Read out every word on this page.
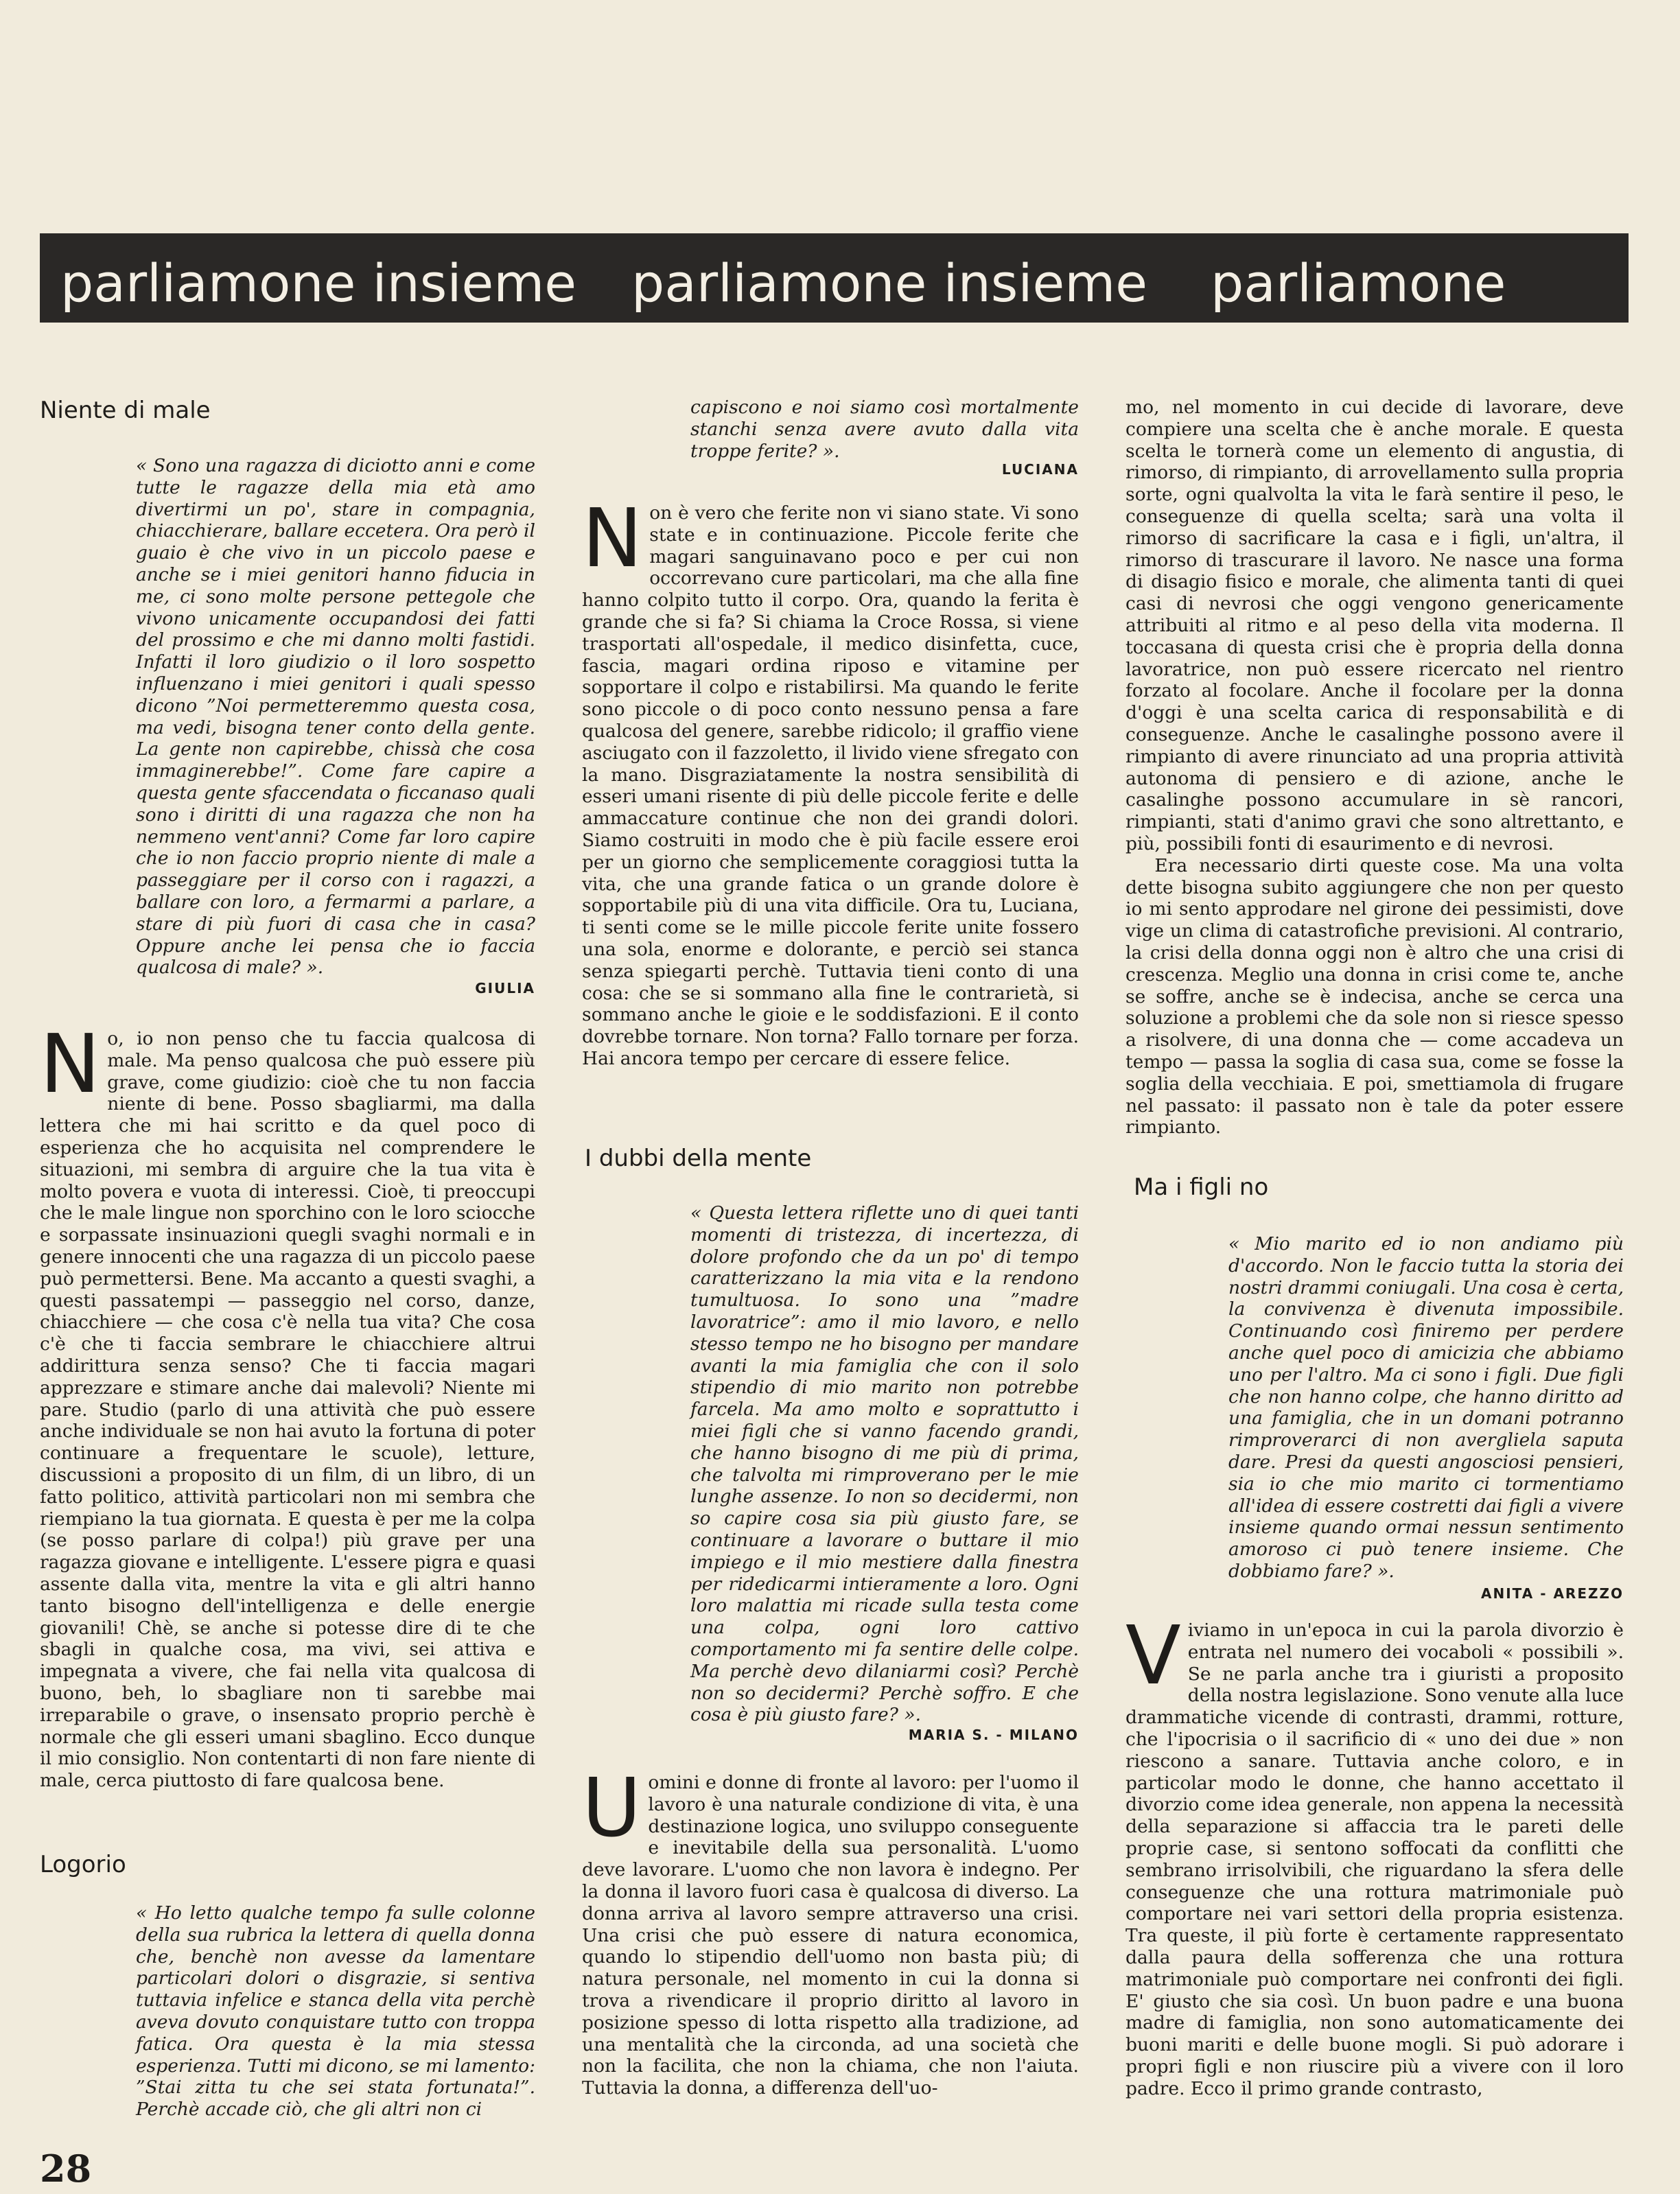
parliamone insieme parliamone insieme parliamone
Niente di male

« Sono una ragazza di diciotto anni e come tutte le ragazze della mia età amo divertirmi un po', stare in compagnia, chiacchierare, ballare eccetera. Ora però il guaio è che vivo in un piccolo paese e anche se i miei genitori hanno fiducia in me, ci sono molte persone pettegole che vivono unicamente occupandosi dei fatti del prossimo e che mi danno molti fastidi. Infatti il loro giudizio o il loro sospetto influenzano i miei genitori i quali spesso dicono ”Noi permetteremmo questa cosa, ma vedi, bisogna tener conto della gente. La gente non capirebbe, chissà che cosa immaginerebbe!”. Come fare capire a questa gente sfaccendata o ficcanaso quali sono i diritti di una ragazza che non ha nemmeno vent'anni? Come far loro capire che io non faccio proprio niente di male a passeggiare per il corso con i ragazzi, a ballare con loro, a fermarmi a parlare, a stare di più fuori di casa che in casa? Oppure anche lei pensa che io faccia qualcosa di male? ».

GIULIA

No, io non penso che tu faccia qualcosa di male. Ma penso qualcosa che può essere più grave, come giudizio: cioè che tu non faccia niente di bene. Posso sbagliarmi, ma dalla lettera che mi hai scritto e da quel poco di esperienza che ho acquisita nel comprendere le situazioni, mi sembra di arguire che la tua vita è molto povera e vuota di interessi. Cioè, ti preoccupi che le male lingue non sporchino con le loro sciocche e sorpassate insinuazioni quegli svaghi normali e in genere innocenti che una ragazza di un piccolo paese può permettersi. Bene. Ma accanto a questi svaghi, a questi passatempi — passeggio nel corso, danze, chiacchiere — che cosa c'è nella tua vita? Che cosa c'è che ti faccia sembrare le chiacchiere altrui addirittura senza senso? Che ti faccia magari apprezzare e stimare anche dai malevoli? Niente mi pare. Studio (parlo di una attività che può essere anche individuale se non hai avuto la fortuna di poter continuare a frequentare le scuole), letture, discussioni a proposito di un film, di un libro, di un fatto politico, attività particolari non mi sembra che riempiano la tua giornata. E questa è per me la colpa (se posso parlare di colpa!) più grave per una ragazza giovane e intelligente. L'essere pigra e quasi assente dalla vita, mentre la vita e gli altri hanno tanto bisogno dell'intelligenza e delle energie giovanili! Chè, se anche si potesse dire di te che sbagli in qualche cosa, ma vivi, sei attiva e impegnata a vivere, che fai nella vita qualcosa di buono, beh, lo sbagliare non ti sarebbe mai irreparabile o grave, o insensato proprio perchè è normale che gli esseri umani sbaglino. Ecco dunque il mio consiglio. Non contentarti di non fare niente di male, cerca piuttosto di fare qualcosa bene.

Logorio

« Ho letto qualche tempo fa sulle colonne della sua rubrica la lettera di quella donna che, benchè non avesse da lamentare particolari dolori o disgrazie, si sentiva tuttavia infelice e stanca della vita perchè aveva dovuto conquistare tutto con troppa fatica. Ora questa è la mia stessa esperienza. Tutti mi dicono, se mi lamento: ”Stai zitta tu che sei stata fortunata!”. Perchè accade ciò, che gli altri non ci

capiscono e noi siamo così mortalmente stanchi senza avere avuto dalla vita troppe ferite? ».

LUCIANA

Non è vero che ferite non vi siano state. Vi sono state e in continuazione. Piccole ferite che magari sanguinavano poco e per cui non occorrevano cure particolari, ma che alla fine hanno colpito tutto il corpo. Ora, quando la ferita è grande che si fa? Si chiama la Croce Rossa, si viene trasportati all'ospedale, il medico disinfetta, cuce, fascia, magari ordina riposo e vitamine per sopportare il colpo e ristabilirsi. Ma quando le ferite sono piccole o di poco conto nessuno pensa a fare qualcosa del genere, sarebbe ridicolo; il graffio viene asciugato con il fazzoletto, il livido viene sfregato con la mano. Disgraziatamente la nostra sensibilità di esseri umani risente di più delle piccole ferite e delle ammaccature continue che non dei grandi dolori. Siamo costruiti in modo che è più facile essere eroi per un giorno che semplicemente coraggiosi tutta la vita, che una grande fatica o un grande dolore è sopportabile più di una vita difficile. Ora tu, Luciana, ti senti come se le mille piccole ferite unite fossero una sola, enorme e dolorante, e perciò sei stanca senza spiegarti perchè. Tuttavia tieni conto di una cosa: che se si sommano alla fine le contrarietà, si sommano anche le gioie e le soddisfazioni. E il conto dovrebbe tornare. Non torna? Fallo tornare per forza. Hai ancora tempo per cercare di essere felice.

I dubbi della mente

« Questa lettera riflette uno di quei tanti momenti di tristezza, di incertezza, di dolore profondo che da un po' di tempo caratterizzano la mia vita e la rendono tumultuosa. Io sono una ”madre lavoratrice”: amo il mio lavoro, e nello stesso tempo ne ho bisogno per mandare avanti la mia famiglia che con il solo stipendio di mio marito non potrebbe farcela. Ma amo molto e soprattutto i miei figli che si vanno facendo grandi, che hanno bisogno di me più di prima, che talvolta mi rimproverano per le mie lunghe assenze. Io non so decidermi, non so capire cosa sia più giusto fare, se continuare a lavorare o buttare il mio impiego e il mio mestiere dalla finestra per ridedicarmi intieramente a loro. Ogni loro malattia mi ricade sulla testa come una colpa, ogni loro cattivo comportamento mi fa sentire delle colpe. Ma perchè devo dilaniarmi così? Perchè non so decidermi? Perchè soffro. E che cosa è più giusto fare? ».

MARIA S. - MILANO

Uomini e donne di fronte al lavoro: per l'uomo il lavoro è una naturale condizione di vita, è una destinazione logica, uno sviluppo conseguente e inevitabile della sua personalità. L'uomo deve lavorare. L'uomo che non lavora è indegno. Per la donna il lavoro fuori casa è qualcosa di diverso. La donna arriva al lavoro sempre attraverso una crisi. Una crisi che può essere di natura economica, quando lo stipendio dell'uomo non basta più; di natura personale, nel momento in cui la donna si trova a rivendicare il proprio diritto al lavoro in posizione spesso di lotta rispetto alla tradizione, ad una mentalità che la circonda, ad una società che non la facilita, che non la chiama, che non l'aiuta. Tuttavia la donna, a differenza dell'uo-

mo, nel momento in cui decide di lavorare, deve compiere una scelta che è anche morale. E questa scelta le tornerà come un elemento di angustia, di rimorso, di rimpianto, di arrovellamento sulla propria sorte, ogni qualvolta la vita le farà sentire il peso, le conseguenze di quella scelta; sarà una volta il rimorso di sacrificare la casa e i figli, un'altra, il rimorso di trascurare il lavoro. Ne nasce una forma di disagio fisico e morale, che alimenta tanti di quei casi di nevrosi che oggi vengono genericamente attribuiti al ritmo e al peso della vita moderna. Il toccasana di questa crisi che è propria della donna lavoratrice, non può essere ricercato nel rientro forzato al focolare. Anche il focolare per la donna d'oggi è una scelta carica di responsabilità e di conseguenze. Anche le casalinghe possono avere il rimpianto di avere rinunciato ad una propria attività autonoma di pensiero e di azione, anche le casalinghe possono accumulare in sè rancori, rimpianti, stati d'animo gravi che sono altrettanto, e più, possibili fonti di esaurimento e di nevrosi.

Era necessario dirti queste cose. Ma una volta dette bisogna subito aggiungere che non per questo io mi sento approdare nel girone dei pessimisti, dove vige un clima di catastrofiche previsioni. Al contrario, la crisi della donna oggi non è altro che una crisi di crescenza. Meglio una donna in crisi come te, anche se soffre, anche se è indecisa, anche se cerca una soluzione a problemi che da sole non si riesce spesso a risolvere, di una donna che — come accadeva un tempo — passa la soglia di casa sua, come se fosse la soglia della vecchiaia. E poi, smettiamola di frugare nel passato: il passato non è tale da poter essere rimpianto.

Ma i figli no

« Mio marito ed io non andiamo più d'accordo. Non le faccio tutta la storia dei nostri drammi coniugali. Una cosa è certa, la convivenza è divenuta impossibile. Continuando così finiremo per perdere anche quel poco di amicizia che abbiamo uno per l'altro. Ma ci sono i figli. Due figli che non hanno colpe, che hanno diritto ad una famiglia, che in un domani potranno rimproverarci di non avergliela saputa dare. Presi da questi angosciosi pensieri, sia io che mio marito ci tormentiamo all'idea di essere costretti dai figli a vivere insieme quando ormai nessun sentimento amoroso ci può tenere insieme. Che dobbiamo fare? ».

ANITA - AREZZO

Viviamo in un'epoca in cui la parola divorzio è entrata nel numero dei vocaboli « possibili ». Se ne parla anche tra i giuristi a proposito della nostra legislazione. Sono venute alla luce drammatiche vicende di contrasti, drammi, rotture, che l'ipocrisia o il sacrificio di « uno dei due » non riescono a sanare. Tuttavia anche coloro, e in particolar modo le donne, che hanno accettato il divorzio come idea generale, non appena la necessità della separazione si affaccia tra le pareti delle proprie case, si sentono soffocati da conflitti che sembrano irrisolvibili, che riguardano la sfera delle conseguenze che una rottura matrimoniale può comportare nei vari settori della propria esistenza. Tra queste, il più forte è certamente rappresentato dalla paura della sofferenza che una rottura matrimoniale può comportare nei confronti dei figli. E' giusto che sia così. Un buon padre e una buona madre di famiglia, non sono automaticamente dei buoni mariti e delle buone mogli. Si può adorare i propri figli e non riuscire più a vivere con il loro padre. Ecco il primo grande contrasto,

28
